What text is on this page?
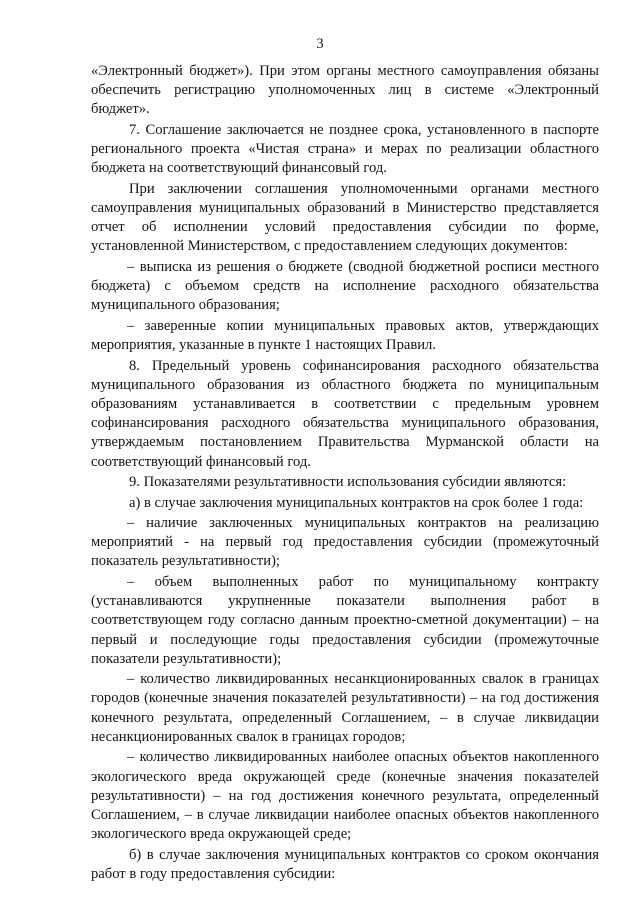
3

«Электронный бюджет»). При этом органы местного самоуправления обязаны обеспечить регистрацию уполномоченных лиц в системе «Электронный бюджет».

7. Соглашение заключается не позднее срока, установленного в паспорте регионального проекта «Чистая страна» и мерах по реализации областного бюджета на соответствующий финансовый год.

При заключении соглашения уполномоченными органами местного самоуправления муниципальных образований в Министерство представляется отчет об исполнении условий предоставления субсидии по форме, установленной Министерством, с предоставлением следующих документов:

– выписка из решения о бюджете (сводной бюджетной росписи местного бюджета) с объемом средств на исполнение расходного обязательства муниципального образования;

– заверенные копии муниципальных правовых актов, утверждающих мероприятия, указанные в пункте 1 настоящих Правил.

8. Предельный уровень софинансирования расходного обязательства муниципального образования из областного бюджета по муниципальным образованиям устанавливается в соответствии с предельным уровнем софинансирования расходного обязательства муниципального образования, утверждаемым постановлением Правительства Мурманской области на соответствующий финансовый год.

9. Показателями результативности использования субсидии являются:

а) в случае заключения муниципальных контрактов на срок более 1 года:

– наличие заключенных муниципальных контрактов на реализацию мероприятий - на первый год предоставления субсидии (промежуточный показатель результативности);

– объем выполненных работ по муниципальному контракту (устанавливаются укрупненные показатели выполнения работ в соответствующем году согласно данным проектно-сметной документации) – на первый и последующие годы предоставления субсидии (промежуточные показатели результативности);

– количество ликвидированных несанкционированных свалок в границах городов (конечные значения показателей результативности) – на год достижения конечного результата, определенный Соглашением, – в случае ликвидации несанкционированных свалок в границах городов;

– количество ликвидированных наиболее опасных объектов накопленного экологического вреда окружающей среде (конечные значения показателей результативности) – на год достижения конечного результата, определенный Соглашением, – в случае ликвидации наиболее опасных объектов накопленного экологического вреда окружающей среде;

б) в случае заключения муниципальных контрактов со сроком окончания работ в году предоставления субсидии:
